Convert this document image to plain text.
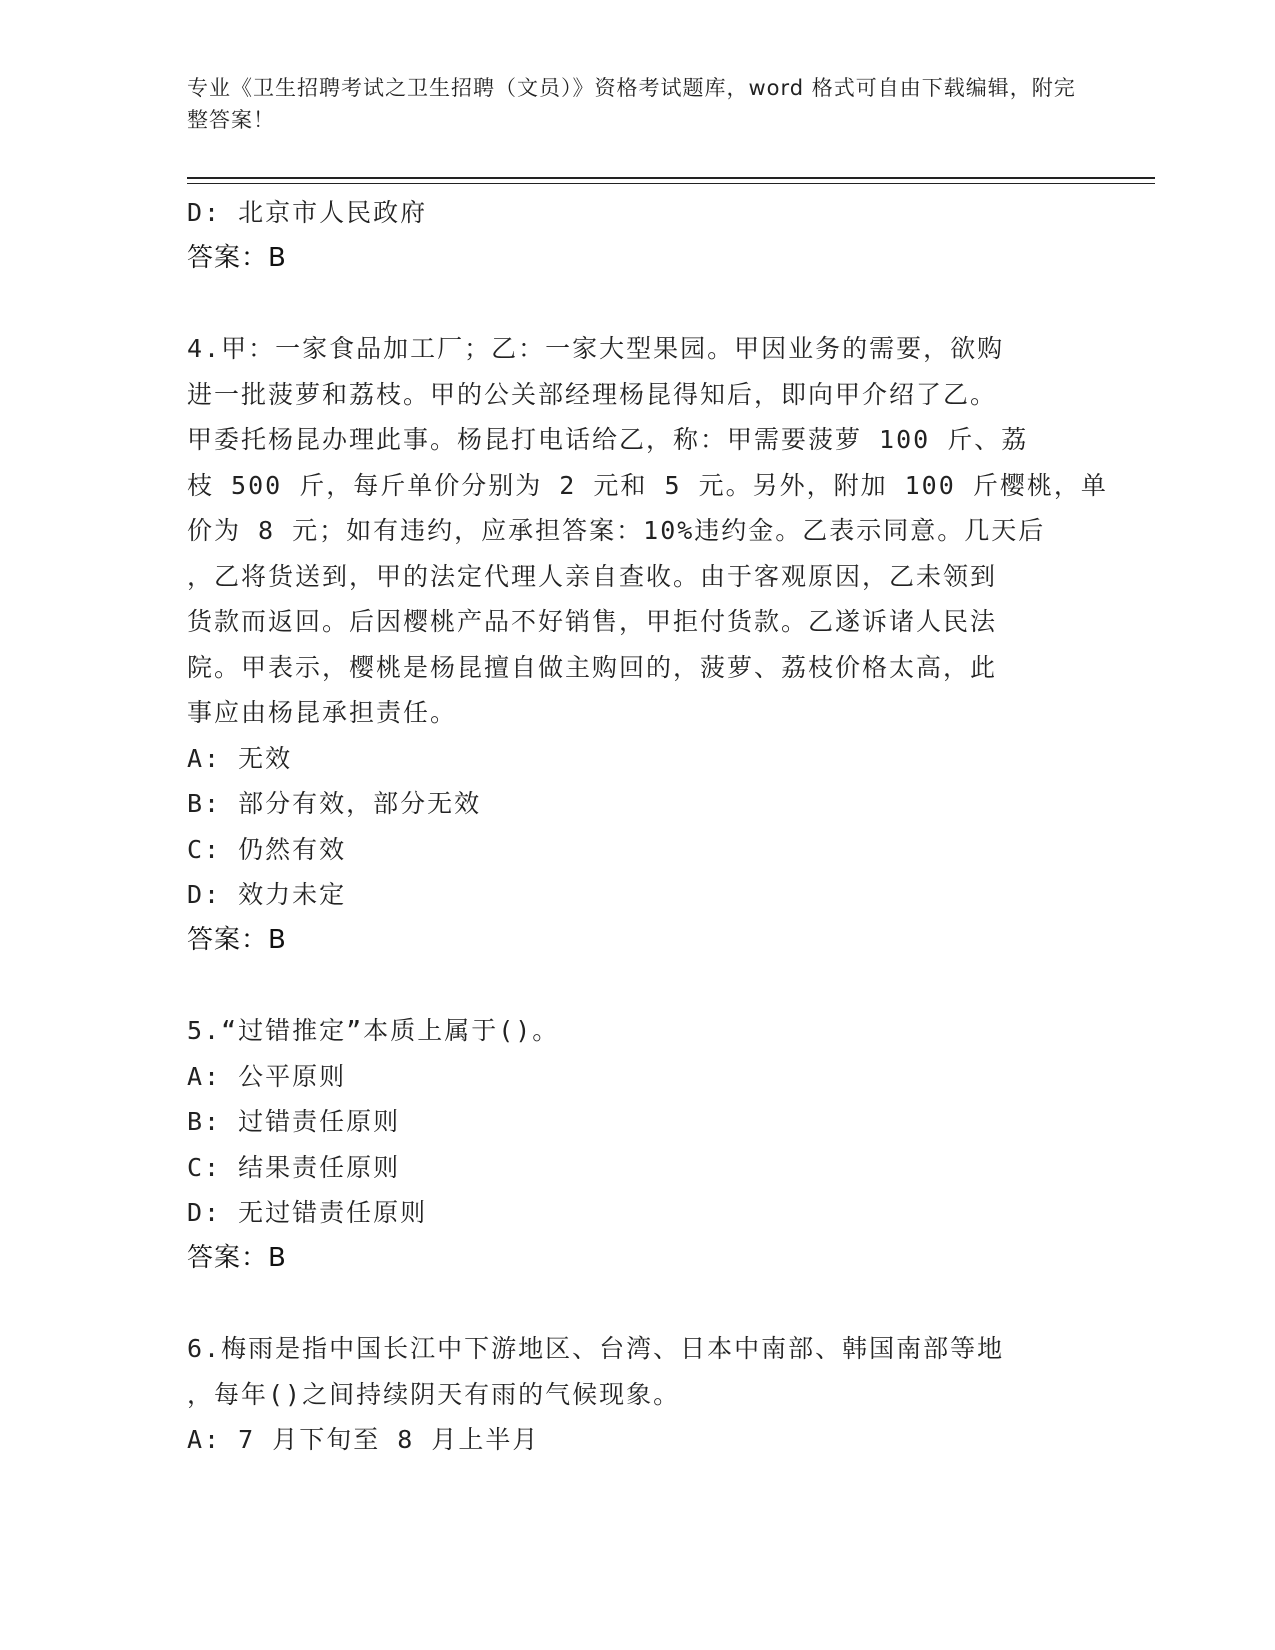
专业《卫生招聘考试之卫生招聘（文员）》资格考试题库，word 格式可自由下载编辑，附完整答案！
D: 北京市人民政府
答案：B
4.甲：一家食品加工厂；乙：一家大型果园。甲因业务的需要，欲购
进一批菠萝和荔枝。甲的公关部经理杨昆得知后，即向甲介绍了乙。
甲委托杨昆办理此事。杨昆打电话给乙，称：甲需要菠萝 100 斤、荔
枝 500 斤，每斤单价分别为 2 元和 5 元。另外，附加 100 斤樱桃，单
价为 8 元；如有违约，应承担答案：10%违约金。乙表示同意。几天后
，乙将货送到，甲的法定代理人亲自查收。由于客观原因，乙未领到
货款而返回。后因樱桃产品不好销售，甲拒付货款。乙遂诉诸人民法
院。甲表示，樱桃是杨昆擅自做主购回的，菠萝、荔枝价格太高，此
事应由杨昆承担责任。
A: 无效
B: 部分有效，部分无效
C: 仍然有效
D: 效力未定
答案：B
5.“过错推定”本质上属于()。
A: 公平原则
B: 过错责任原则
C: 结果责任原则
D: 无过错责任原则
答案：B
6.梅雨是指中国长江中下游地区、台湾、日本中南部、韩国南部等地
，每年()之间持续阴天有雨的气候现象。
A: 7 月下旬至 8 月上半月
